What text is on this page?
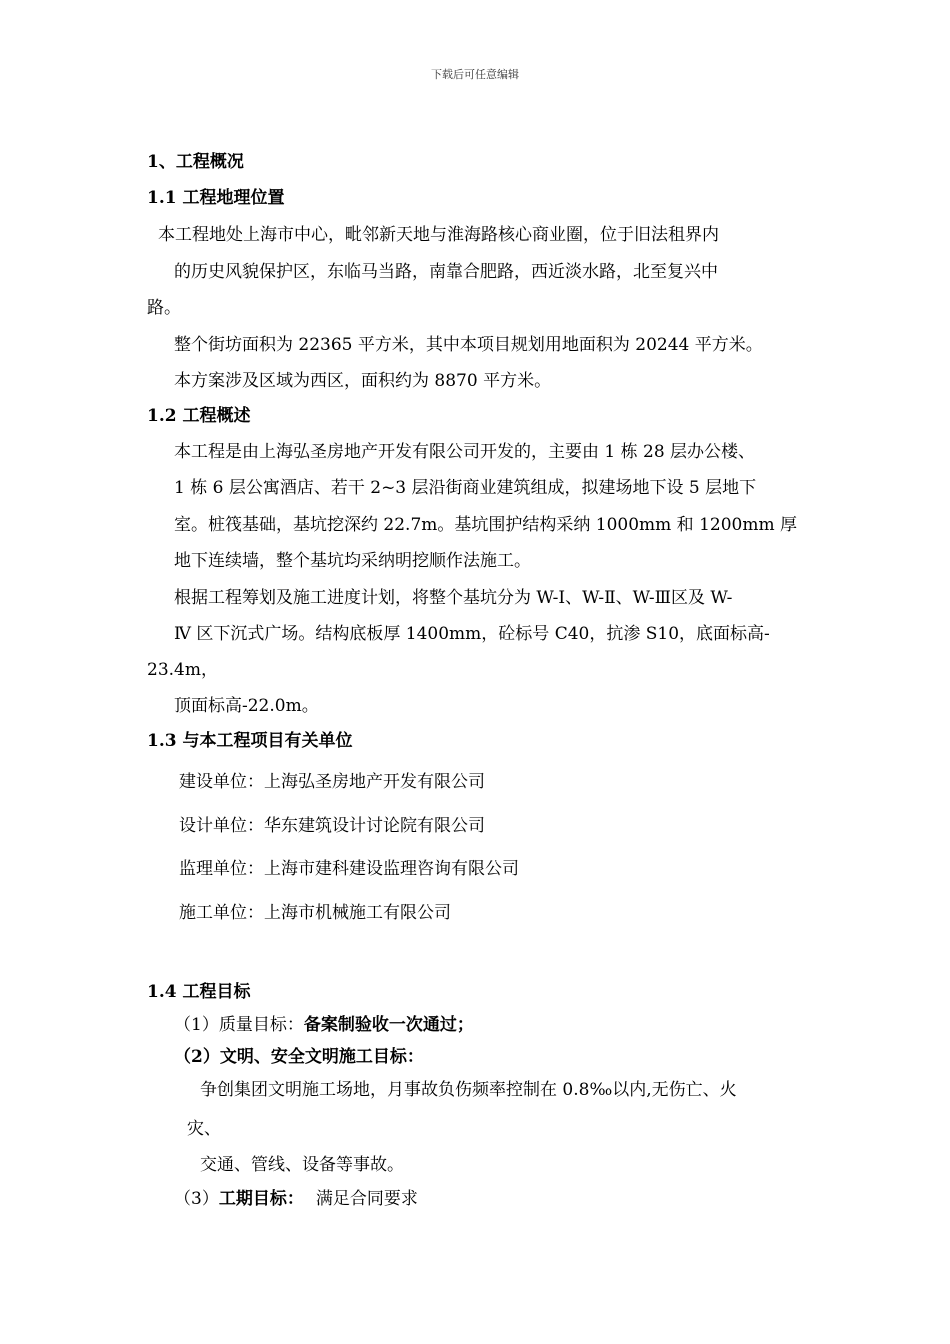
下载后可任意编辑
1、工程概况
1.1 工程地理位置
本工程地处上海市中心，毗邻新天地与淮海路核心商业圈，位于旧法租界内
的历史风貌保护区，东临马当路，南靠合肥路，西近淡水路，北至复兴中
路。
整个街坊面积为 22365 平方米，其中本项目规划用地面积为 20244 平方米。
本方案涉及区域为西区，面积约为 8870 平方米。
1.2 工程概述
本工程是由上海弘圣房地产开发有限公司开发的，主要由 1 栋 28 层办公楼、
1 栋 6 层公寓酒店、若干 2~3 层沿街商业建筑组成，拟建场地下设 5 层地下
室。桩筏基础，基坑挖深约 22.7m。基坑围护结构采纳 1000mm 和 1200mm 厚
地下连续墙，整个基坑均采纳明挖顺作法施工。
根据工程筹划及施工进度计划，将整个基坑分为 W-Ⅰ、W-Ⅱ、W-Ⅲ区及 W-
Ⅳ 区下沉式广场。结构底板厚 1400mm，砼标号 C40，抗渗 S10，底面标高-
23.4m，
顶面标高-22.0m。
1.3 与本工程项目有关单位
建设单位：上海弘圣房地产开发有限公司
设计单位：华东建筑设计讨论院有限公司
监理单位：上海市建科建设监理咨询有限公司
施工单位：上海市机械施工有限公司
1.4 工程目标
（1）质量目标：备案制验收一次通过；
（2）文明、安全文明施工目标：
争创集团文明施工场地，月事故负伤频率控制在 0.8‰以内,无伤亡、火
灾、
交通、管线、设备等事故。
（3）工期目标： 满足合同要求
